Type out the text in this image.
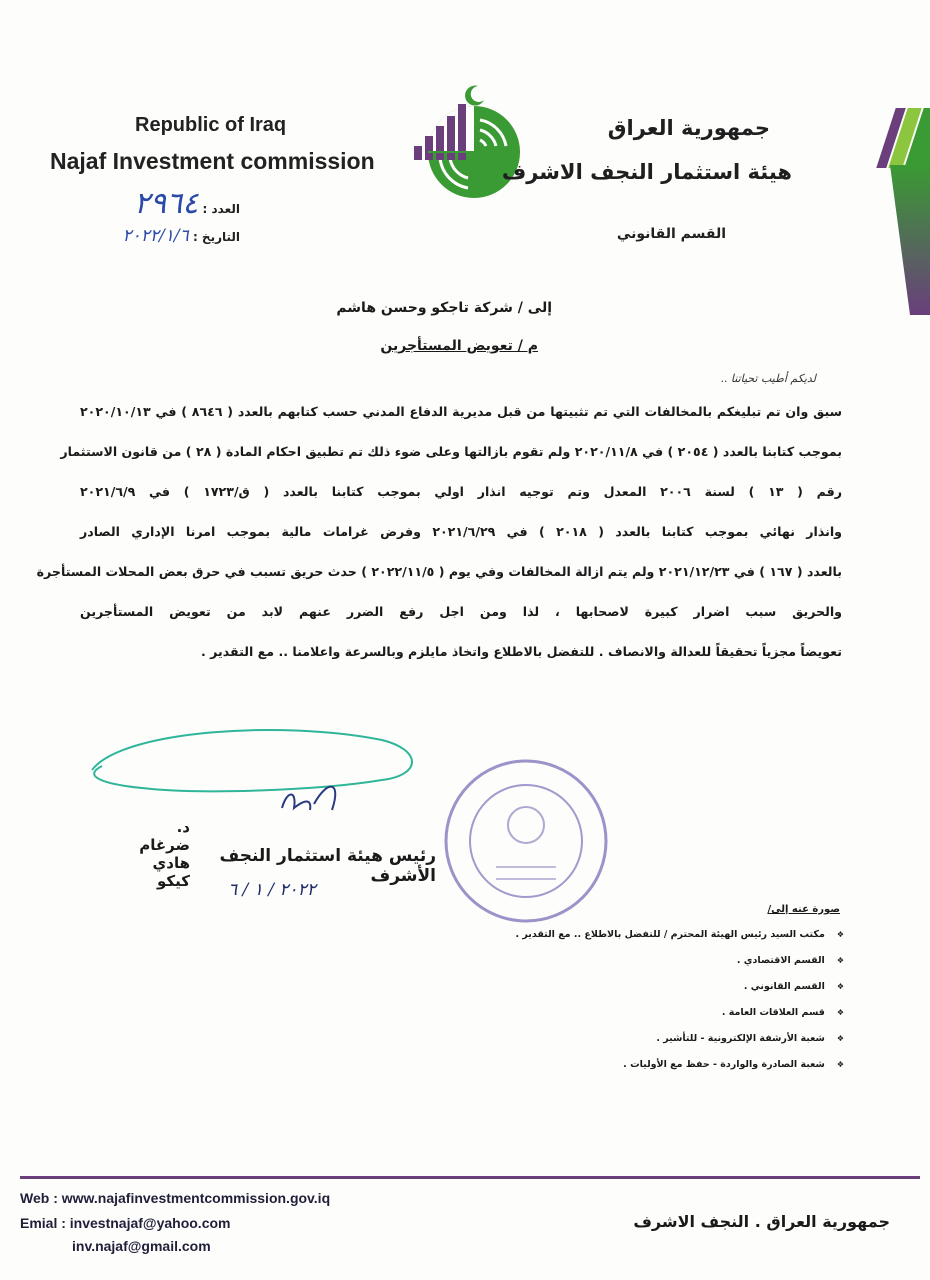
Republic of Iraq
Najaf Investment commission
العدد : ٢٩٦٤
التاريخ : ٢٠٢٢/١/٦
جمهورية العراق
هيئة استثمار النجف الاشرف
القسم القانوني
إلى / شركة تاجكو وحسن هاشم
م / تعويض المستأجرين
لديكم أطيب تحياتنا ..
سبق وان تم تبليغكم بالمخالفات التي تم تثبيتها من قبل مديرية الدفاع المدني حسب كتابهم بالعدد ( ٨٦٤٦ ) في ٢٠٢٠/١٠/١٣
بموجب كتابنا بالعدد ( ٢٠٥٤ ) في ٢٠٢٠/١١/٨ ولم تقوم بازالتها وعلى ضوء ذلك تم تطبيق احكام المادة ( ٢٨ ) من قانون الاستثمار
رقم ( ١٣ ) لسنة ٢٠٠٦ المعدل وتم توجيه انذار اولي بموجب كتابنا بالعدد ( ق/١٧٢٣ ) في ٢٠٢١/٦/٩
وانذار نهائي بموجب كتابنا بالعدد ( ٢٠١٨ ) في ٢٠٢١/٦/٢٩ وفرض غرامات مالية بموجب امرنا الإداري الصادر
بالعدد ( ١٦٧ ) في ٢٠٢١/١٢/٢٣ ولم يتم ازالة المخالفات وفي يوم ( ٢٠٢٢/١١/٥ ) حدث حريق تسبب في حرق بعض المحلات المستأجرة
والحريق سبب اضرار كبيرة لاصحابها ، لذا ومن اجل رفع الضرر عنهم لابد من تعويض المستأجرين
تعويضاً مجزياً تحقيقاً للعدالة والانصاف . للتفضل بالاطلاع واتخاذ مايلزم وبالسرعة واعلامنا .. مع التقدير .
د. ضرغام هادي كيكو
رئيس هيئة استثمار النجف الأشرف
٢٠٢٢ / ١ / ٦
صورة عنه إلى/
❖مكتب السيد رئيس الهيئة المحترم / للتفضل بالاطلاع .. مع التقدير .
❖القسم الاقتصادي .
❖القسم القانوني .
❖قسم العلاقات العامة .
❖شعبة الأرشفة الإلكترونية - للتأشير .
❖شعبة الصادرة والواردة - حفظ مع الأوليات .
Web : www.najafinvestmentcommission.gov.iq
Emial : investnajaf@yahoo.com
inv.najaf@gmail.com
جمهورية العراق . النجف الاشرف
